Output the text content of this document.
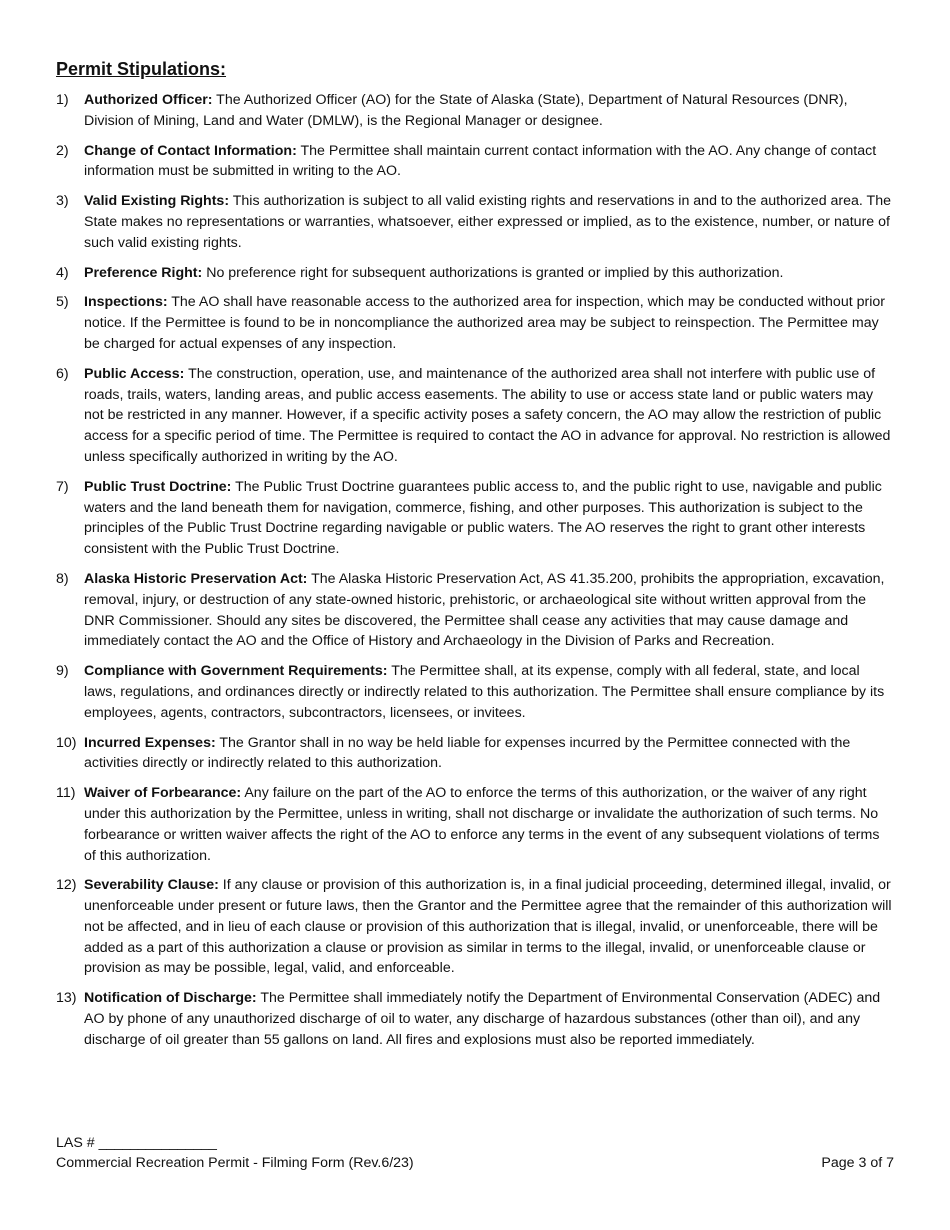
Permit Stipulations:
1) Authorized Officer: The Authorized Officer (AO) for the State of Alaska (State), Department of Natural Resources (DNR), Division of Mining, Land and Water (DMLW), is the Regional Manager or designee.
2) Change of Contact Information: The Permittee shall maintain current contact information with the AO. Any change of contact information must be submitted in writing to the AO.
3) Valid Existing Rights: This authorization is subject to all valid existing rights and reservations in and to the authorized area. The State makes no representations or warranties, whatsoever, either expressed or implied, as to the existence, number, or nature of such valid existing rights.
4) Preference Right: No preference right for subsequent authorizations is granted or implied by this authorization.
5) Inspections: The AO shall have reasonable access to the authorized area for inspection, which may be conducted without prior notice. If the Permittee is found to be in noncompliance the authorized area may be subject to reinspection. The Permittee may be charged for actual expenses of any inspection.
6) Public Access: The construction, operation, use, and maintenance of the authorized area shall not interfere with public use of roads, trails, waters, landing areas, and public access easements. The ability to use or access state land or public waters may not be restricted in any manner. However, if a specific activity poses a safety concern, the AO may allow the restriction of public access for a specific period of time. The Permittee is required to contact the AO in advance for approval. No restriction is allowed unless specifically authorized in writing by the AO.
7) Public Trust Doctrine: The Public Trust Doctrine guarantees public access to, and the public right to use, navigable and public waters and the land beneath them for navigation, commerce, fishing, and other purposes. This authorization is subject to the principles of the Public Trust Doctrine regarding navigable or public waters. The AO reserves the right to grant other interests consistent with the Public Trust Doctrine.
8) Alaska Historic Preservation Act: The Alaska Historic Preservation Act, AS 41.35.200, prohibits the appropriation, excavation, removal, injury, or destruction of any state-owned historic, prehistoric, or archaeological site without written approval from the DNR Commissioner. Should any sites be discovered, the Permittee shall cease any activities that may cause damage and immediately contact the AO and the Office of History and Archaeology in the Division of Parks and Recreation.
9) Compliance with Government Requirements: The Permittee shall, at its expense, comply with all federal, state, and local laws, regulations, and ordinances directly or indirectly related to this authorization. The Permittee shall ensure compliance by its employees, agents, contractors, subcontractors, licensees, or invitees.
10) Incurred Expenses: The Grantor shall in no way be held liable for expenses incurred by the Permittee connected with the activities directly or indirectly related to this authorization.
11) Waiver of Forbearance: Any failure on the part of the AO to enforce the terms of this authorization, or the waiver of any right under this authorization by the Permittee, unless in writing, shall not discharge or invalidate the authorization of such terms. No forbearance or written waiver affects the right of the AO to enforce any terms in the event of any subsequent violations of terms of this authorization.
12) Severability Clause: If any clause or provision of this authorization is, in a final judicial proceeding, determined illegal, invalid, or unenforceable under present or future laws, then the Grantor and the Permittee agree that the remainder of this authorization will not be affected, and in lieu of each clause or provision of this authorization that is illegal, invalid, or unenforceable, there will be added as a part of this authorization a clause or provision as similar in terms to the illegal, invalid, or unenforceable clause or provision as may be possible, legal, valid, and enforceable.
13) Notification of Discharge: The Permittee shall immediately notify the Department of Environmental Conservation (ADEC) and AO by phone of any unauthorized discharge of oil to water, any discharge of hazardous substances (other than oil), and any discharge of oil greater than 55 gallons on land. All fires and explosions must also be reported immediately.
LAS # _______________
Commercial Recreation Permit - Filming Form (Rev.6/23)	Page 3 of 7
